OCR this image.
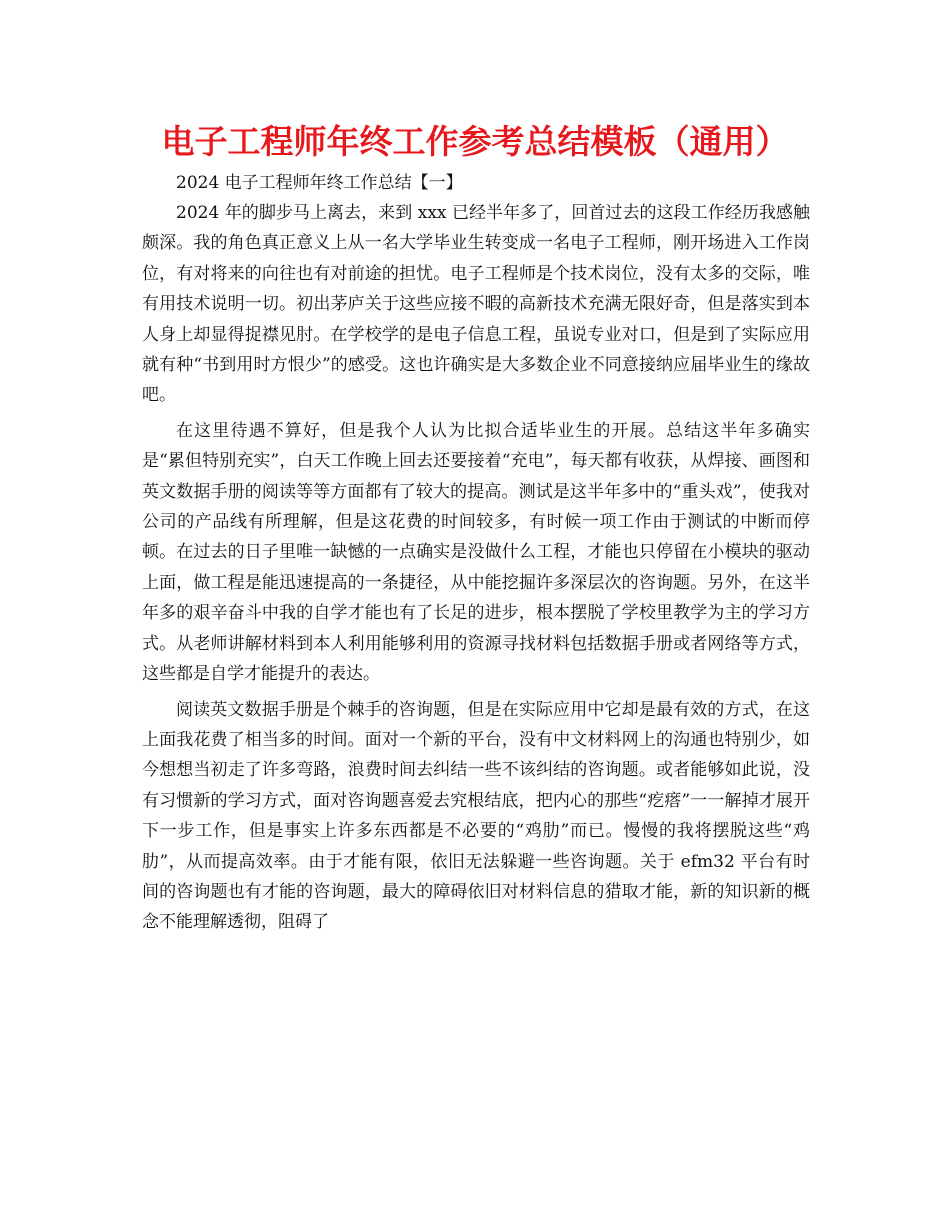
电子工程师年终工作参考总结模板（通用）

2024 电子工程师年终工作总结【一】

2024 年的脚步马上离去，来到 xxx 已经半年多了，回首过去的这段工作经历我感触颇深。我的角色真正意义上从一名大学毕业生转变成一名电子工程师，刚开场进入工作岗位，有对将来的向往也有对前途的担忧。电子工程师是个技术岗位，没有太多的交际，唯有用技术说明一切。初出茅庐关于这些应接不暇的高新技术充满无限好奇，但是落实到本人身上却显得捉襟见肘。在学校学的是电子信息工程，虽说专业对口，但是到了实际应用就有种“书到用时方恨少”的感受。这也许确实是大多数企业不同意接纳应届毕业生的缘故吧。

在这里待遇不算好，但是我个人认为比拟合适毕业生的开展。总结这半年多确实是“累但特别充实”，白天工作晚上回去还要接着“充电”，每天都有收获，从焊接、画图和英文数据手册的阅读等等方面都有了较大的提高。测试是这半年多中的“重头戏”，使我对公司的产品线有所理解，但是这花费的时间较多，有时候一项工作由于测试的中断而停顿。在过去的日子里唯一缺憾的一点确实是没做什么工程，才能也只停留在小模块的驱动上面，做工程是能迅速提高的一条捷径，从中能挖掘许多深层次的咨询题。另外，在这半年多的艰辛奋斗中我的自学才能也有了长足的进步，根本摆脱了学校里教学为主的学习方式。从老师讲解材料到本人利用能够利用的资源寻找材料包括数据手册或者网络等方式，这些都是自学才能提升的表达。

阅读英文数据手册是个棘手的咨询题，但是在实际应用中它却是最有效的方式，在这上面我花费了相当多的时间。面对一个新的平台，没有中文材料网上的沟通也特别少，如今想想当初走了许多弯路，浪费时间去纠结一些不该纠结的咨询题。或者能够如此说，没有习惯新的学习方式，面对咨询题喜爱去究根结底，把内心的那些“疙瘩”一一解掉才展开下一步工作，但是事实上许多东西都是不必要的“鸡肋”而已。慢慢的我将摆脱这些“鸡肋”，从而提高效率。由于才能有限，依旧无法躲避一些咨询题。关于 efm32 平台有时间的咨询题也有才能的咨询题，最大的障碍依旧对材料信息的猎取才能，新的知识新的概念不能理解透彻，阻碍了
